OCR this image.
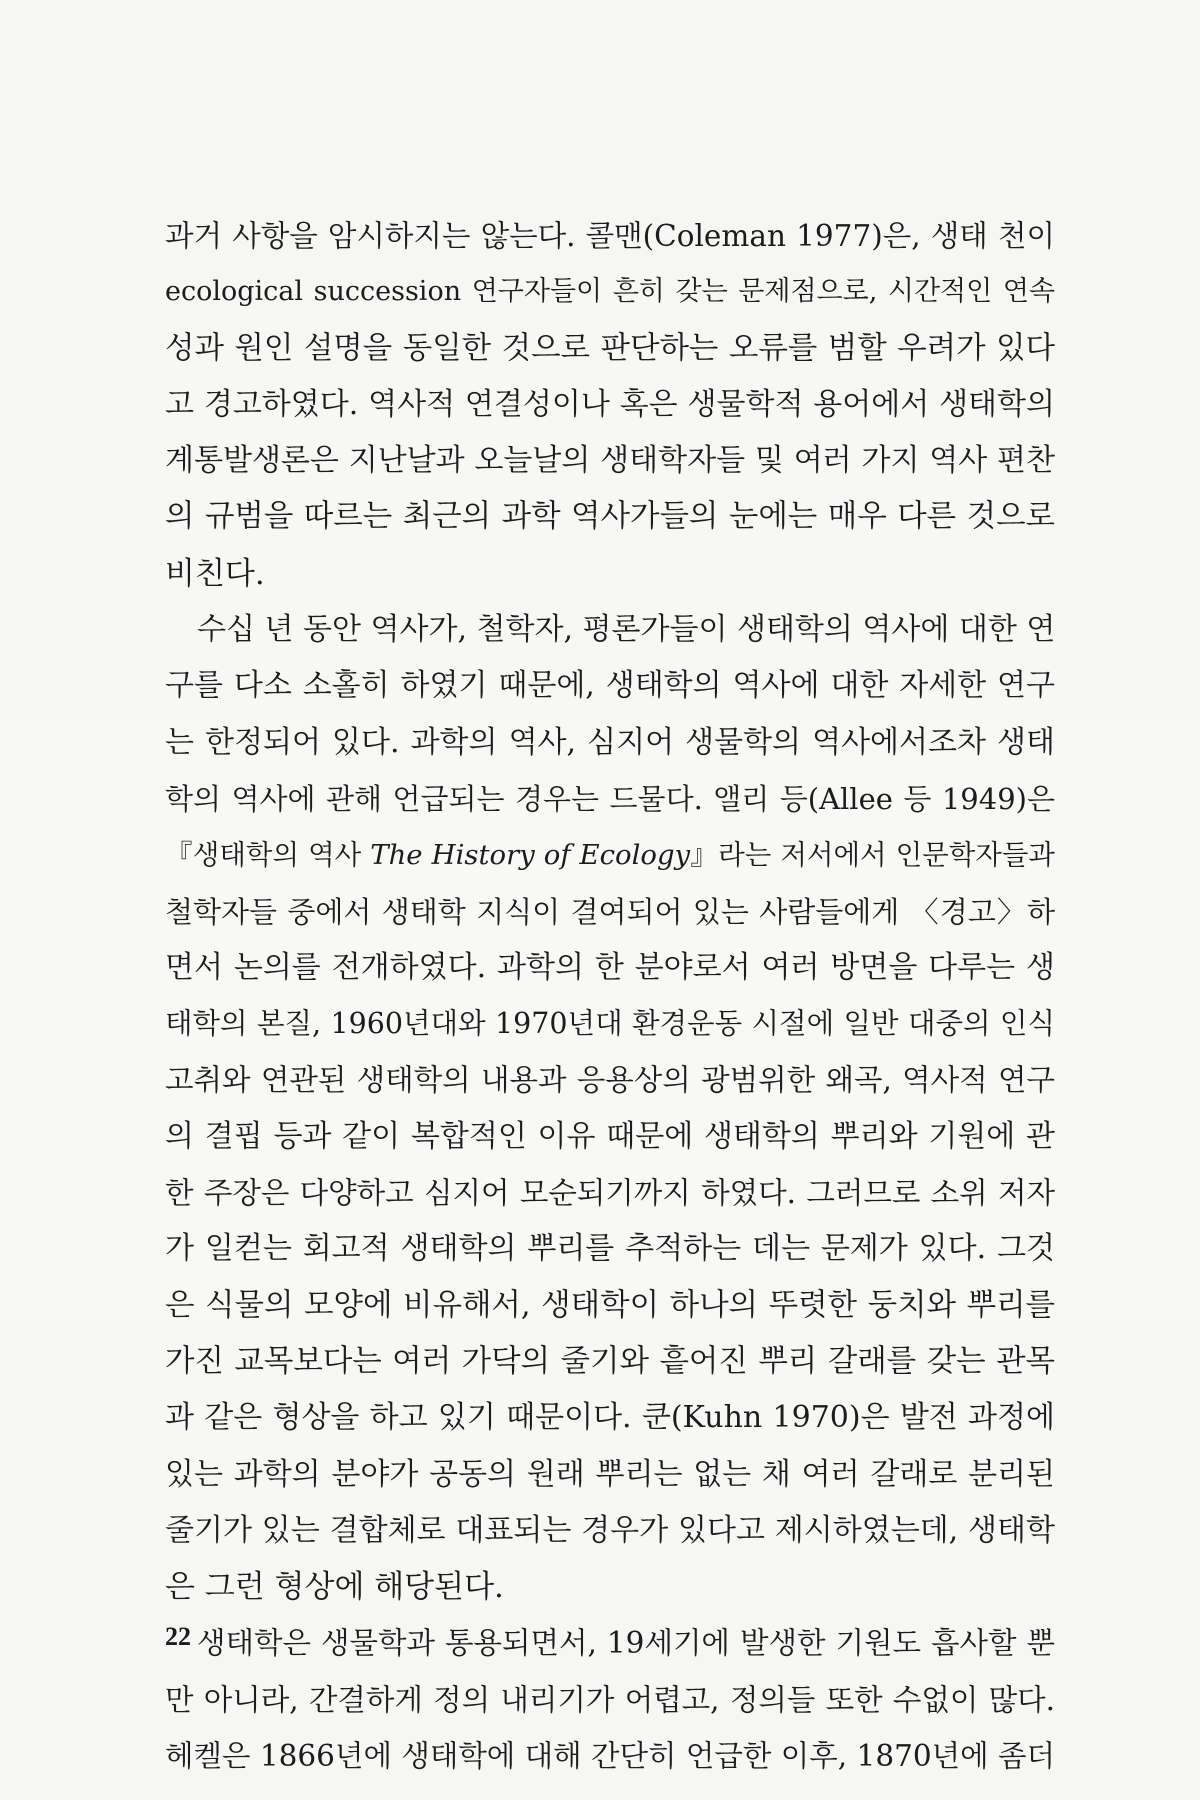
과거 사항을 암시하지는 않는다. 콜맨(Coleman 1977)은, 생태 천이
ecological succession 연구자들이 흔히 갖는 문제점으로, 시간적인 연속
성과 원인 설명을 동일한 것으로 판단하는 오류를 범할 우려가 있다
고 경고하였다. 역사적 연결성이나 혹은 생물학적 용어에서 생태학의
계통발생론은 지난날과 오늘날의 생태학자들 및 여러 가지 역사 편찬
의 규범을 따르는 최근의 과학 역사가들의 눈에는 매우 다른 것으로
비친다.
수십 년 동안 역사가, 철학자, 평론가들이 생태학의 역사에 대한 연
구를 다소 소홀히 하였기 때문에, 생태학의 역사에 대한 자세한 연구
는 한정되어 있다. 과학의 역사, 심지어 생물학의 역사에서조차 생태
학의 역사에 관해 언급되는 경우는 드물다. 앨리 등(Allee 등 1949)은
『생태학의 역사 The History of Ecology』라는 저서에서 인문학자들과
철학자들 중에서 생태학 지식이 결여되어 있는 사람들에게 〈경고〉하
면서 논의를 전개하였다. 과학의 한 분야로서 여러 방면을 다루는 생
태학의 본질, 1960년대와 1970년대 환경운동 시절에 일반 대중의 인식
고취와 연관된 생태학의 내용과 응용상의 광범위한 왜곡, 역사적 연구
의 결핍 등과 같이 복합적인 이유 때문에 생태학의 뿌리와 기원에 관
한 주장은 다양하고 심지어 모순되기까지 하였다. 그러므로 소위 저자
가 일컫는 회고적 생태학의 뿌리를 추적하는 데는 문제가 있다. 그것
은 식물의 모양에 비유해서, 생태학이 하나의 뚜렷한 둥치와 뿌리를
가진 교목보다는 여러 가닥의 줄기와 흩어진 뿌리 갈래를 갖는 관목
과 같은 형상을 하고 있기 때문이다. 쿤(Kuhn 1970)은 발전 과정에
있는 과학의 분야가 공동의 원래 뿌리는 없는 채 여러 갈래로 분리된
줄기가 있는 결합체로 대표되는 경우가 있다고 제시하였는데, 생태학
은 그런 형상에 해당된다.
생태학은 생물학과 통용되면서, 19세기에 발생한 기원도 흡사할 뿐
만 아니라, 간결하게 정의 내리기가 어렵고, 정의들 또한 수없이 많다.
헤켈은 1866년에 생태학에 대해 간단히 언급한 이후, 1870년에 좀더
22
